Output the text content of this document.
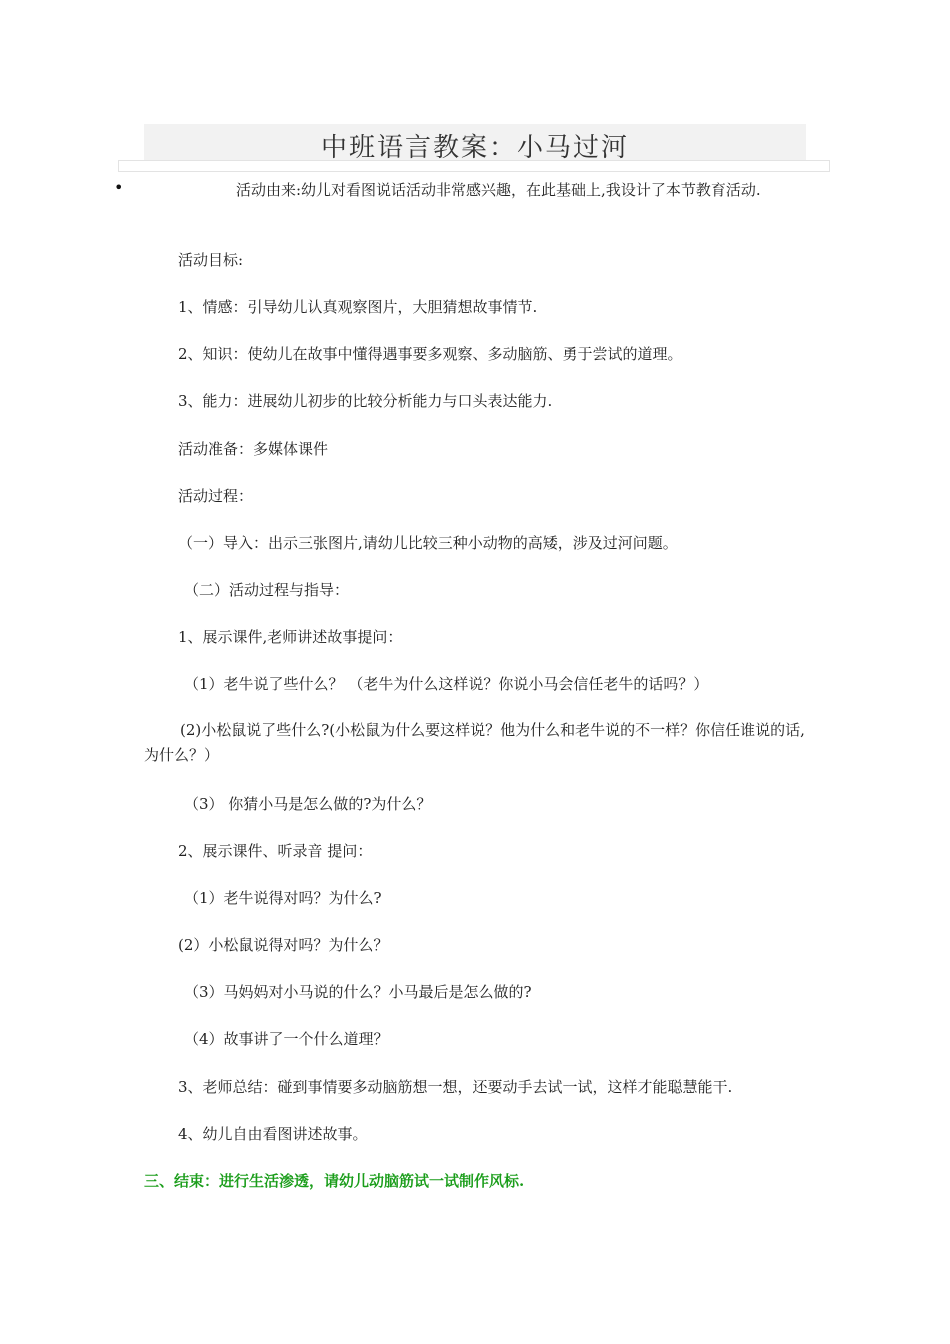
中班语言教案：小马过河
•	活动由来:幼儿对看图说话活动非常感兴趣，在此基础上,我设计了本节教育活动.
活动目标:
1、情感：引导幼儿认真观察图片，大胆猜想故事情节.
2、知识：使幼儿在故事中懂得遇事要多观察、多动脑筋、勇于尝试的道理。
3、能力：进展幼儿初步的比较分析能力与口头表达能力.
活动准备：多媒体课件
活动过程：
（一）导入：出示三张图片,请幼儿比较三种小动物的高矮，涉及过河问题。
（二）活动过程与指导：
1、展示课件,老师讲述故事提问：
（1）老牛说了些什么？ （老牛为什么这样说？你说小马会信任老牛的话吗？）
(2)小松鼠说了些什么?(小松鼠为什么要这样说？他为什么和老牛说的不一样？你信任谁说的话,为什么？）
（3） 你猜小马是怎么做的?为什么？
2、展示课件、听录音 提问：
（1）老牛说得对吗？为什么?
(2）小松鼠说得对吗？为什么？
（3）马妈妈对小马说的什么？小马最后是怎么做的?
（4）故事讲了一个什么道理？
3、老师总结：碰到事情要多动脑筋想一想，还要动手去试一试，这样才能聪慧能干.
4、幼儿自由看图讲述故事。
三、结束：进行生活渗透，请幼儿动脑筋试一试制作风标.
